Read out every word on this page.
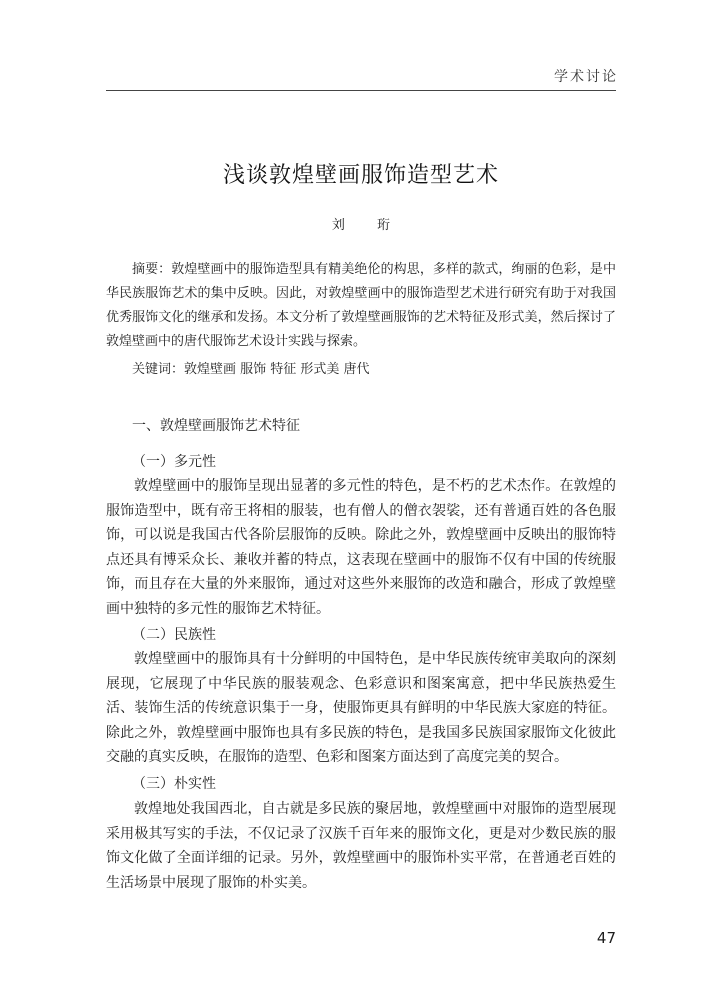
学术讨论
浅谈敦煌壁画服饰造型艺术
刘 珩

摘要：敦煌壁画中的服饰造型具有精美绝伦的构思，多样的款式，绚丽的色彩，是中华民族服饰艺术的集中反映。因此，对敦煌壁画中的服饰造型艺术进行研究有助于对我国优秀服饰文化的继承和发扬。本文分析了敦煌壁画服饰的艺术特征及形式美，然后探讨了敦煌壁画中的唐代服饰艺术设计实践与探索。

关键词：敦煌壁画 服饰 特征 形式美 唐代
一、敦煌壁画服饰艺术特征
（一）多元性

敦煌壁画中的服饰呈现出显著的多元性的特色，是不朽的艺术杰作。在敦煌的服饰造型中，既有帝王将相的服装，也有僧人的僧衣袈裟，还有普通百姓的各色服饰，可以说是我国古代各阶层服饰的反映。除此之外，敦煌壁画中反映出的服饰特点还具有博采众长、兼收并蓄的特点，这表现在壁画中的服饰不仅有中国的传统服饰，而且存在大量的外来服饰，通过对这些外来服饰的改造和融合，形成了敦煌壁画中独特的多元性的服饰艺术特征。

（二）民族性

敦煌壁画中的服饰具有十分鲜明的中国特色，是中华民族传统审美取向的深刻展现，它展现了中华民族的服装观念、色彩意识和图案寓意，把中华民族热爱生活、装饰生活的传统意识集于一身，使服饰更具有鲜明的中华民族大家庭的特征。除此之外，敦煌壁画中服饰也具有多民族的特色，是我国多民族国家服饰文化彼此交融的真实反映，在服饰的造型、色彩和图案方面达到了高度完美的契合。

（三）朴实性

敦煌地处我国西北，自古就是多民族的聚居地，敦煌壁画中对服饰的造型展现采用极其写实的手法，不仅记录了汉族千百年来的服饰文化，更是对少数民族的服饰文化做了全面详细的记录。另外，敦煌壁画中的服饰朴实平常，在普通老百姓的生活场景中展现了服饰的朴实美。

47
